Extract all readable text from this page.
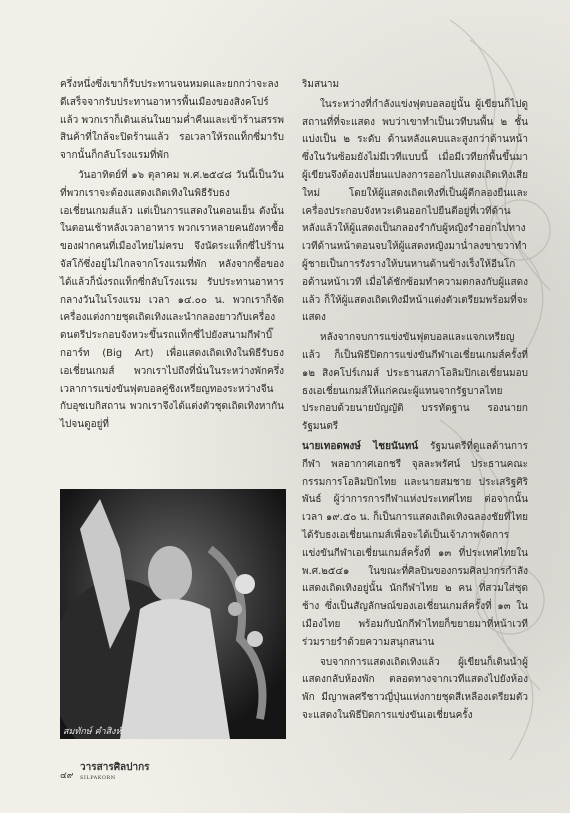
ครึ่งหนึ่งซึ่งเขาก็รับประทานจนหมดและยกกว่าจะลงดีเสร็จจากรับประทานอาหารพื้นเมืองของสิงคโปร์แล้ว พวกเราก็เดินเล่นในยามค่ำคืนและเข้าร้านสรรพสินค้าที่ใกล้จะปิดร้านแล้ว รอเวลาให้รถแท็กซี่มารับจากนั้นก็กลับโรงแรมที่พัก

วันอาทิตย์ที่ ๑๖ ตุลาคม พ.ศ.๒๕๔๘ วันนี้เป็นวันที่พวกเราจะต้องแสดงเถิดเทิงในพิธีรับธงเอเชี่ยนเกมส์แล้ว แต่เป็นการแสดงในตอนเย็น ดังนั้นในตอนเช้าหลังเวลาอาหาร พวกเราหลายคนยังหาซื้อของฝากคนที่เมืองไทยไม่ครบ จึงนัดระแท็กซี่ไปร้านจัสโก้ซึ่งอยู่ไม่ไกลจากโรงแรมที่พัก หลังจากซื้อของได้แล้วก็นั่งรถแท็กซี่กลับโรงแรม รับประทานอาหารกลางวันในโรงแรม เวลา ๑๔.๐๐ น. พวกเราก็จัดเครื่องแต่งกายชุดเถิดเทิงและนำกลองยาวกับเครื่องดนตรีประกอบจังหวะขึ้นรถแท็กซี่ไปยังสนามกีฬาบิ๊กอาร์ท (Big Art) เพื่อแสดงเถิดเทิงในพิธีรับธงเอเชี่ยนเกมส์ พวกเราไปถึงที่นั่นในระหว่างพักครึ่งเวลาการแข่งขันฟุตบอลคู่ชิงเหรียญทองระหว่างจีนกับอุซเบกิสถาน พวกเราจึงได้แต่งตัวชุดเถิดเทิงหากันไปจนดูอยู่ที่

สมทักษ์ คำสิงห์

ริมสนาม

ในระหว่างที่กำลังแข่งฟุตบอลอยู่นั้น ผู้เขียนก็ไปดูสถานที่ที่จะแสดง พบว่าเขาทำเป็นเวทีบนพื้น ๒ ชั้น แบ่งเป็น ๒ ระดับ ด้านหลังแคบและสูงกว่าด้านหน้า ซึ่งในวันซ้อมยังไม่มีเวทีแบบนี้ เมื่อมีเวทียกพื้นขึ้นมา ผู้เขียนจึงต้องเปลี่ยนแปลงการออกไปแสดงเถิดเทิงเสียใหม่ โดยให้ผู้แสดงเถิดเทิงที่เป็นผู้ตีกลองยืนและเครื่องประกอบจังหวะเดินออกไปยืนตีอยู่ที่เวทีด้านหลังแล้วให้ผู้แสดงเป็นกลองรำกับผู้หญิงรำออกไปทางเวทีด้านหน้าตอนจบให้ผู้แสดงหญิงมาน่ำลงขาขวาทำผู้ชายเป็นการรังรางให้บนหานด้านข้างเร็งให้อีนโกอด้านหน้าเวที เมื่อได้ชักซ้อมทำความตกลงกับผู้แสดงแล้ว ก็ให้ผู้แสดงเถิดเทิงมีหน้าแต่งตัวเตรียมพร้อมที่จะแสดง

หลังจากจบการแข่งขันฟุตบอลและแจกเหรียญแล้ว ก็เป็นพิธีปิดการแข่งขันกีฬาเอเชี่ยนเกมส์ครั้งที่ ๑๒ สิงคโปร์เกมส์ ประธานสภาโอลิมปิกเอเชี่ยนมอบธงเอเชี่ยนเกมส์ให้แก่คณะผู้แทนจากรัฐบาลไทยประกอบด้วยนายบัญญัติ บรรทัดฐาน รองนายกรัฐมนตรี

นายเทอดพงษ์ ไชยนันทน์ รัฐมนตรีที่ดูแลด้านการกีฬา พลอากาศเอกชรี จุลละพรัศน์ ประธานคณะกรรมการโอลิมปิกไทย และนายสมชาย ประเสริฐศิริพันธ์ ผู้ว่าการการกีฬาแห่งประเทศไทย ต่อจากนั้นเวลา ๑๙.๕๐ น. ก็เป็นการแสดงเถิดเทิงฉลองชัยที่ไทยได้รับธงเอเชี่ยนเกมส์เพื่อจะได้เป็นเจ้าภาพจัดการแข่งขันกีฬาเอเชี่ยนเกมส์ครั้งที่ ๑๓ ที่ประเทศไทยใน พ.ศ.๒๕๔๑ ในขณะที่ศิลปินของกรมศิลปากรกำลังแสดงเถิดเทิงอยู่นั้น นักกีฬาไทย ๒ คน ที่สวมใส่ชุดช้าง ซึ่งเป็นสัญลักษณ์ของเอเชี่ยนเกมส์ครั้งที่ ๑๓ ในเมืองไทย พร้อมกับนักกีฬาไทยก็ขยายมาที่หน้าเวทีร่วมรายรำด้วยความสนุกสนาน

จบจากการแสดงเถิดเทิงแล้ว ผู้เขียนก็เดินนำผู้แสดงกลับห้องพัก ตลอดทางจากเวทีแสดงไปยังห้องพัก มีญาพลศรีชาวญี่ปุ่นแห่งกายชุดสีเหลืองเตรียมตัวจะแสดงในพิธีปิดการแข่งขันเอเชี่ยนครั้ง

๔๙
วารสารศิลปากร
SILPAKORN
